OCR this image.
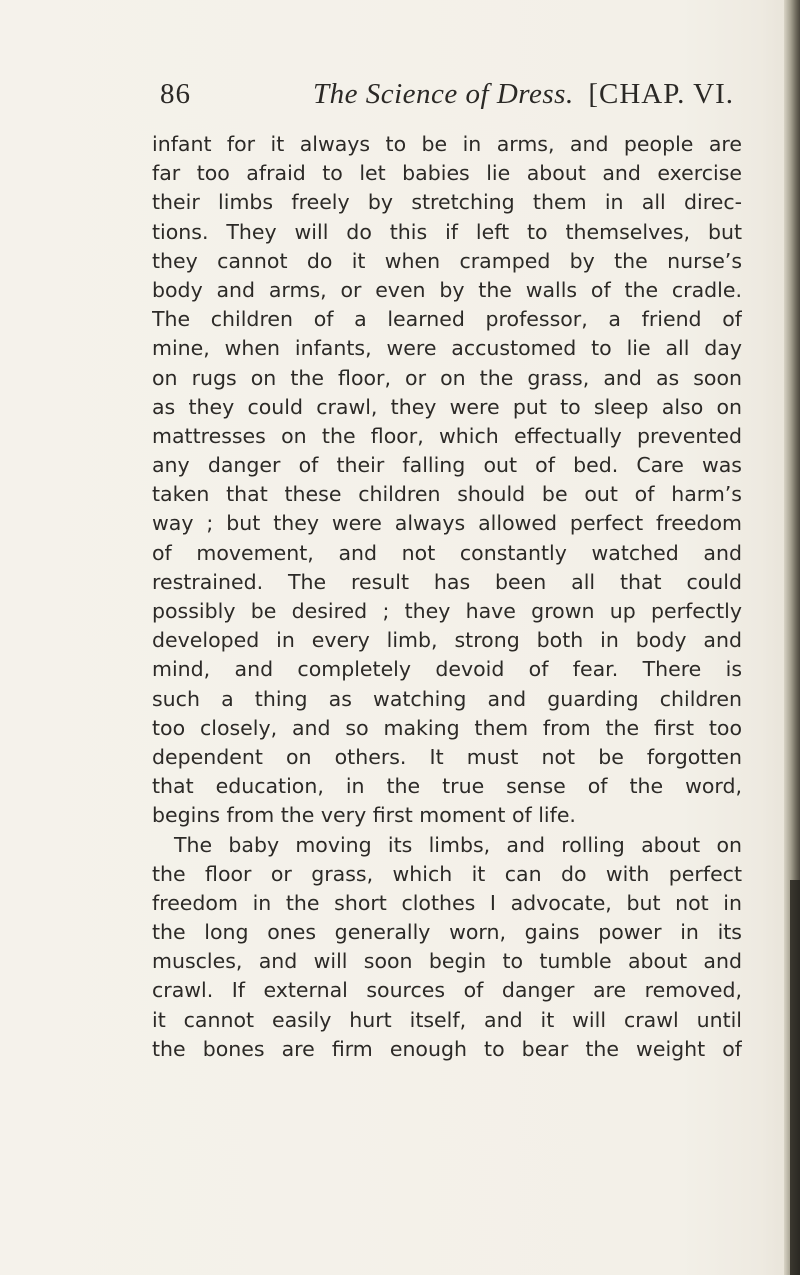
86	The Science of Dress. [CHAP. VI.
infant for it always to be in arms, and people are
far too afraid to let babies lie about and exercise
their limbs freely by stretching them in all direc-
tions. They will do this if left to themselves, but
they cannot do it when cramped by the nurse’s
body and arms, or even by the walls of the cradle.
The children of a learned professor, a friend of
mine, when infants, were accustomed to lie all day
on rugs on the floor, or on the grass, and as soon
as they could crawl, they were put to sleep also on
mattresses on the floor, which effectually prevented
any danger of their falling out of bed. Care was
taken that these children should be out of harm’s
way ; but they were always allowed perfect freedom
of movement, and not constantly watched and
restrained. The result has been all that could
possibly be desired ; they have grown up perfectly
developed in every limb, strong both in body and
mind, and completely devoid of fear. There is
such a thing as watching and guarding children
too closely, and so making them from the first too
dependent on others. It must not be forgotten
that education, in the true sense of the word,
begins from the very first moment of life.
The baby moving its limbs, and rolling about on
the floor or grass, which it can do with perfect
freedom in the short clothes I advocate, but not in
the long ones generally worn, gains power in its
muscles, and will soon begin to tumble about and
crawl. If external sources of danger are removed,
it cannot easily hurt itself, and it will crawl until
the bones are firm enough to bear the weight of
